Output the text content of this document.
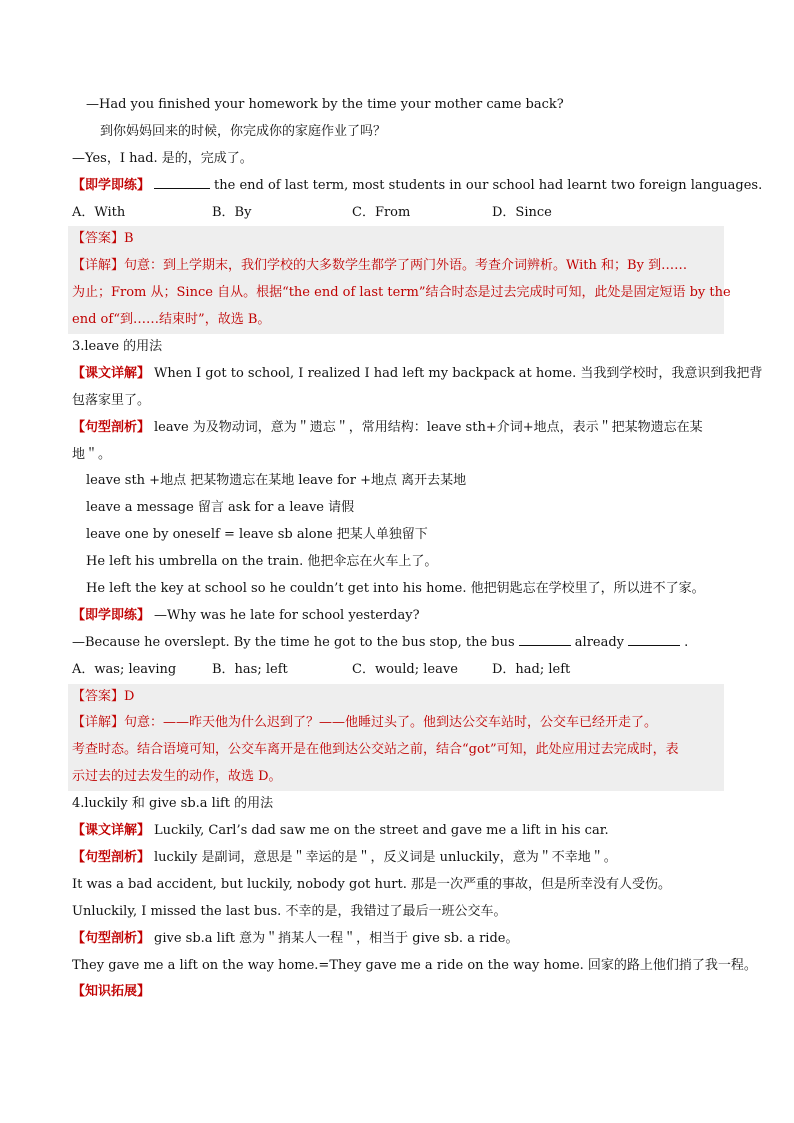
—Had you finished your homework by the time your mother came back?
到你妈妈回来的时候，你完成你的家庭作业了吗？
—Yes，I had. 是的，完成了。
【即学即练】	the end of last term, most students in our school had learnt two foreign languages.
A．With	B．By	C．From	D．Since
【答案】B
【详解】句意：到上学期末，我们学校的大多数学生都学了两门外语。考查介词辨析。With 和；By 到……
为止；From 从；Since 自从。根据“the end of last term”结合时态是过去完成时可知，此处是固定短语 by the
end of“到……结束时”，故选 B。
3.leave 的用法
【课文详解】 When I got to school, I realized I had left my backpack at home. 当我到学校时，我意识到我把背
包落家里了。
【句型剖析】 leave 为及物动词，意为＂遗忘＂，常用结构：leave sth+介词+地点，表示＂把某物遗忘在某
地＂。
leave sth +地点 把某物遗忘在某地 leave for +地点 离开去某地
leave a message 留言 ask for a leave 请假
leave one by oneself = leave sb alone 把某人单独留下
He left his umbrella on the train. 他把伞忘在火车上了。
He left the key at school so he couldn’t get into his home. 他把钥匙忘在学校里了，所以进不了家。
【即学即练】 —Why was he late for school yesterday?
—Because he overslept. By the time he got to the bus stop, the bus	already	.
A．was; leaving	B．has; left	C．would; leave	D．had; left
【答案】D
【详解】句意：——昨天他为什么迟到了？——他睡过头了。他到达公交车站时，公交车已经开走了。
考查时态。结合语境可知，公交车离开是在他到达公交站之前，结合“got”可知，此处应用过去完成时，表
示过去的过去发生的动作，故选 D。
4.luckily 和 give sb.a lift 的用法
【课文详解】 Luckily, Carl’s dad saw me on the street and gave me a lift in his car.
【句型剖析】 luckily 是副词，意思是＂幸运的是＂，反义词是 unluckily，意为＂不幸地＂。
It was a bad accident, but luckily, nobody got hurt. 那是一次严重的事故，但是所幸没有人受伤。
Unluckily, I missed the last bus. 不幸的是，我错过了最后一班公交车。
【句型剖析】 give sb.a lift 意为＂捎某人一程＂，相当于 give sb. a ride。
They gave me a lift on the way home.=They gave me a ride on the way home. 回家的路上他们捎了我一程。
【知识拓展】
